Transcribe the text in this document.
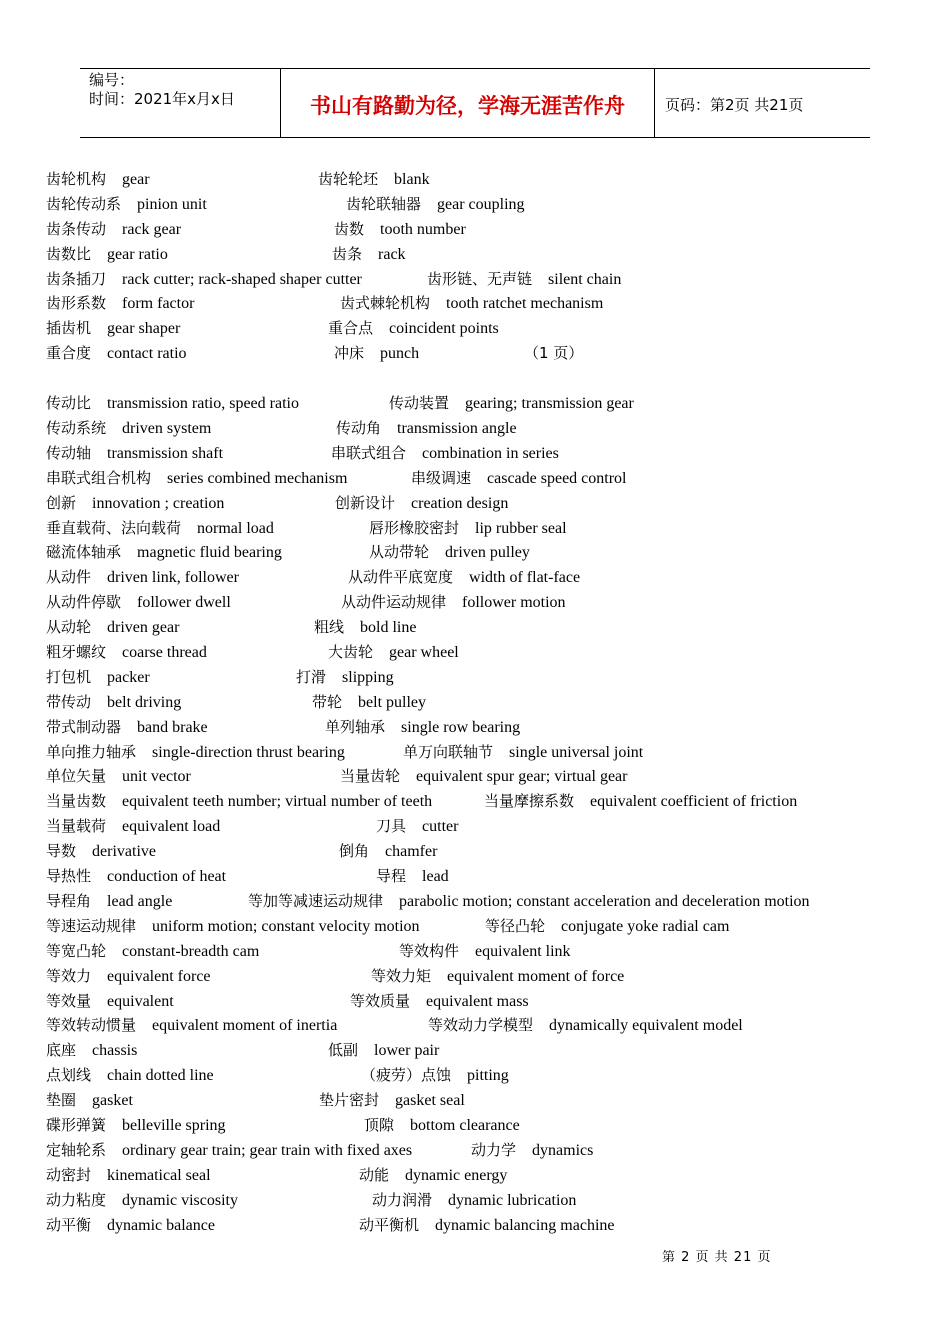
编号：
时间：2021年x月x日	书山有路勤为径，学海无涯苦作舟	页码：第2页 共21页
齿轮机构 gear	齿轮轮坯 blank
齿轮传动系 pinion unit	齿轮联轴器 gear coupling
齿条传动 rack gear	齿数 tooth number
齿数比 gear ratio	齿条 rack
齿条插刀 rack cutter; rack-shaped shaper cutter	齿形链、无声链 silent chain
齿形系数 form factor	齿式棘轮机构 tooth ratchet mechanism
插齿机 gear shaper	重合点 coincident points
重合度 contact ratio	冲床 punch	（1 页）
传动比 transmission ratio, speed ratio	传动装置 gearing; transmission gear
传动系统 driven system	传动角 transmission angle
传动轴 transmission shaft	串联式组合 combination in series
串联式组合机构 series combined mechanism	串级调速 cascade speed control
创新 innovation ; creation	创新设计 creation design
垂直载荷、法向载荷 normal load	唇形橡胶密封 lip rubber seal
磁流体轴承 magnetic fluid bearing	从动带轮 driven pulley
从动件 driven link, follower	从动件平底宽度 width of flat-face
从动件停歇 follower dwell	从动件运动规律 follower motion
从动轮 driven gear	粗线 bold line
粗牙螺纹 coarse thread	大齿轮 gear wheel
打包机 packer	打滑 slipping
带传动 belt driving	带轮 belt pulley
带式制动器 band brake	单列轴承 single row bearing
单向推力轴承 single-direction thrust bearing	单万向联轴节 single universal joint
单位矢量 unit vector	当量齿轮 equivalent spur gear; virtual gear
当量齿数 equivalent teeth number; virtual number of teeth	当量摩擦系数 equivalent coefficient of friction
当量载荷 equivalent load	刀具 cutter
导数 derivative	倒角 chamfer
导热性 conduction of heat	导程 lead
导程角 lead angle	等加等减速运动规律 parabolic motion; constant acceleration and deceleration motion
等速运动规律 uniform motion; constant velocity motion	等径凸轮 conjugate yoke radial cam
等宽凸轮 constant-breadth cam	等效构件 equivalent link
等效力 equivalent force	等效力矩 equivalent moment of force
等效量 equivalent	等效质量 equivalent mass
等效转动惯量 equivalent moment of inertia	等效动力学模型 dynamically equivalent model
底座 chassis	低副 lower pair
点划线 chain dotted line	（疲劳）点蚀 pitting
垫圈 gasket	垫片密封 gasket seal
碟形弹簧 belleville spring	顶隙 bottom clearance
定轴轮系 ordinary gear train; gear train with fixed axes	动力学 dynamics
动密封 kinematical seal	动能 dynamic energy
动力粘度 dynamic viscosity	动力润滑 dynamic lubrication
动平衡 dynamic balance	动平衡机 dynamic balancing machine
第 2 页 共 21 页
